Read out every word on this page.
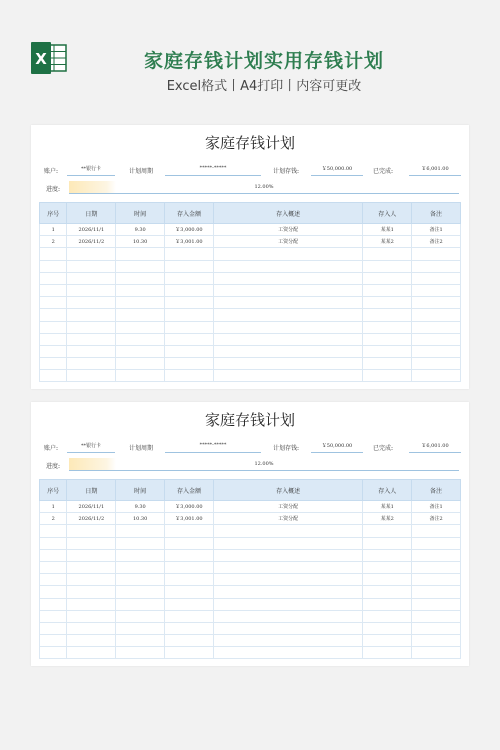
X	家庭存钱计划实用存钱计划
Excel格式丨A4打印丨内容可更改
家庭存钱计划
账户:	**银行卡	计划周期	*****-*****	计划存钱:	￥50,000.00	已完成:	￥6,001.00
进度:	12.00%
序号	日期	时间	存入金额	存入概述	存入人	备注
1	2026/11/1	9.30	￥3,000.00	工资分配	某某1	备注1
2	2026/11/2	10.30	￥3,001.00	工资分配	某某2	备注2

家庭存钱计划
账户:	**银行卡	计划周期	*****-*****	计划存钱:	￥50,000.00	已完成:	￥6,001.00
进度:	12.00%
序号	日期	时间	存入金额	存入概述	存入人	备注
1	2026/11/1	9.30	￥3,000.00	工资分配	某某1	备注1
2	2026/11/2	10.30	￥3,001.00	工资分配	某某2	备注2
